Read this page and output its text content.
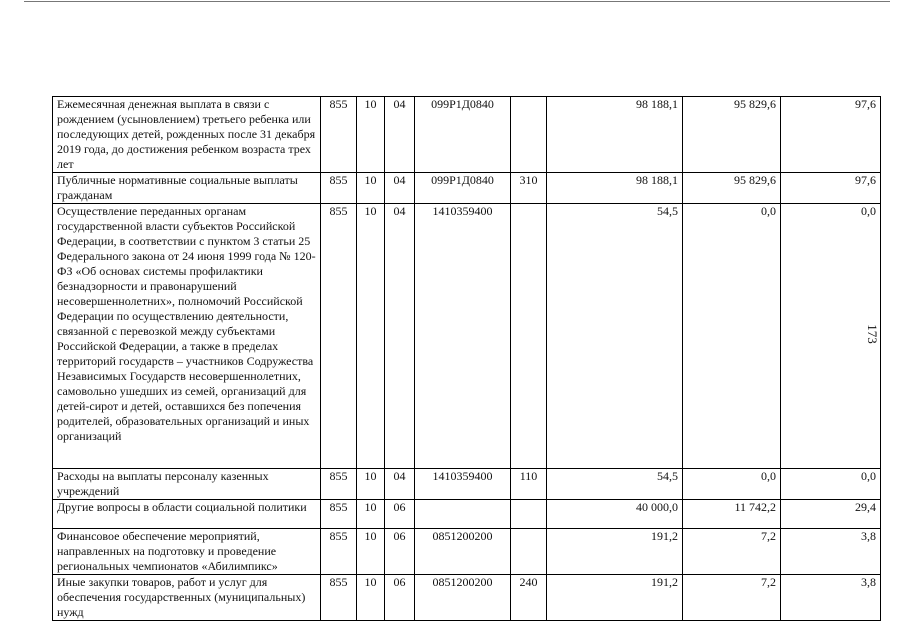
Ежемесячная денежная выплата в связи с рождением (усыновлением) третьего ребенка или последующих детей, рожденных после 31 декабря 2019 года, до достижения ребенком возраста трех лет	855	10	04	099Р1Д0840		98 188,1	95 829,6	97,6
Публичные нормативные социальные выплаты гражданам	855	10	04	099Р1Д0840	310	98 188,1	95 829,6	97,6
Осуществление переданных органам государственной власти субъектов Российской Федерации, в соответствии с пунктом 3 статьи 25 Федерального закона от 24 июня 1999 года № 120-ФЗ «Об основах системы профилактики безнадзорности и правонарушений несовершеннолетних», полномочий Российской Федерации по осуществлению деятельности, связанной с перевозкой между субъектами Российской Федерации, а также в пределах территорий государств – участников Содружества Независимых Государств несовершеннолетних, самовольно ушедших из семей, организаций для детей-сирот и детей, оставшихся без попечения родителей, образовательных организаций и иных организаций	855	10	04	1410359400		54,5	0,0	0,0
Расходы на выплаты персоналу казенных учреждений	855	10	04	1410359400	110	54,5	0,0	0,0
Другие вопросы в области социальной политики	855	10	06			40 000,0	11 742,2	29,4
Финансовое обеспечение мероприятий, направленных на подготовку и проведение региональных чемпионатов «Абилимпикс»	855	10	06	0851200200		191,2	7,2	3,8
Иные закупки товаров, работ и услуг для обеспечения государственных (муниципальных) нужд	855	10	06	0851200200	240	191,2	7,2	3,8
173
